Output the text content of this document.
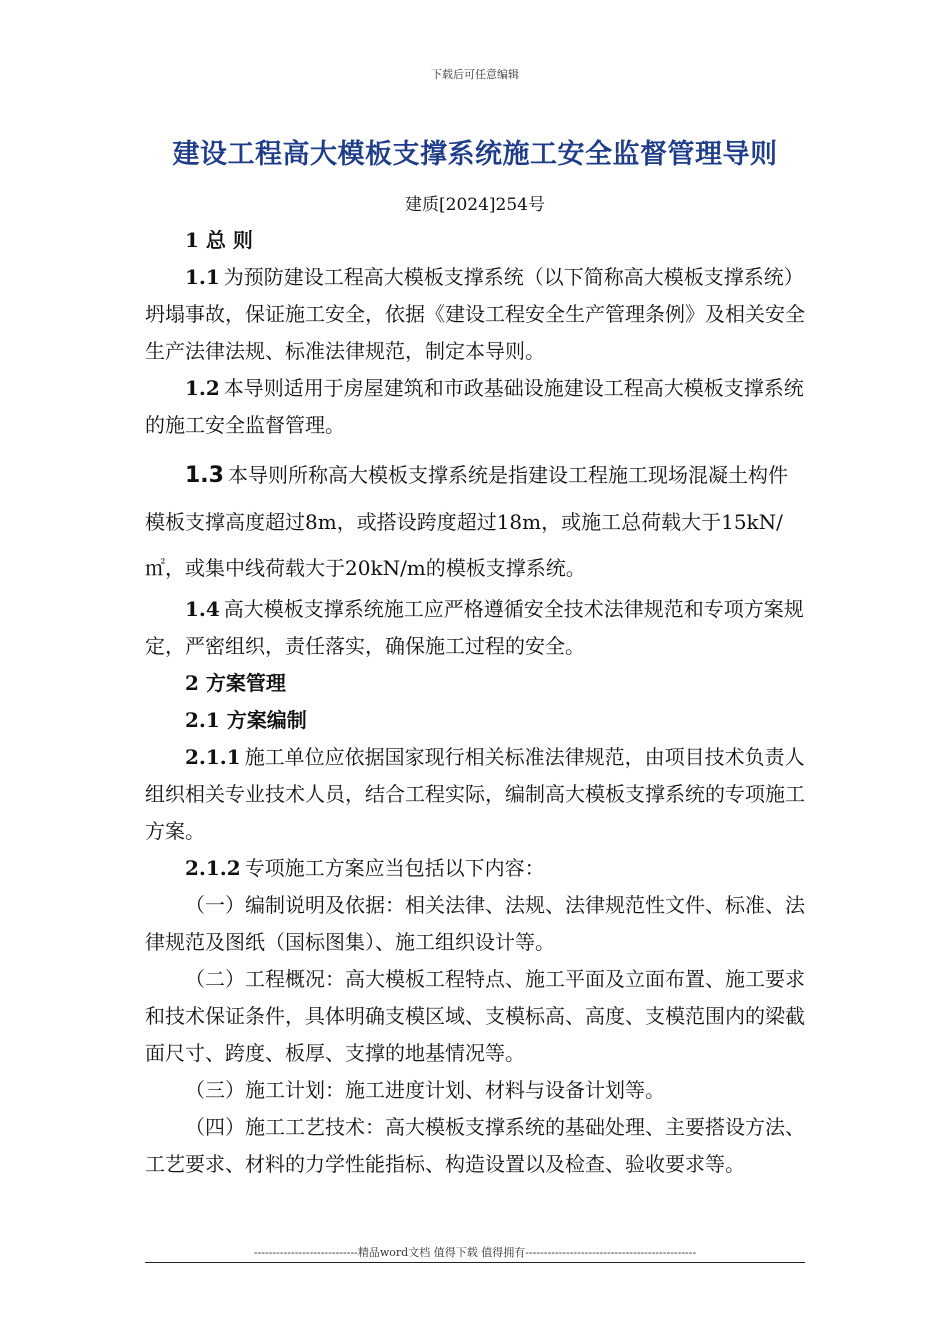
下载后可任意编辑
建设工程高大模板支撑系统施工安全监督管理导则
建质[2024]254号
1 总 则

1.1 为预防建设工程高大模板支撑系统（以下简称高大模板支撑系统）坍塌事故，保证施工安全，依据《建设工程安全生产管理条例》及相关安全生产法律法规、标准法律规范，制定本导则。

1.2 本导则适用于房屋建筑和市政基础设施建设工程高大模板支撑系统的施工安全监督管理。

1.3 本导则所称高大模板支撑系统是指建设工程施工现场混凝土构件模板支撑高度超过8m，或搭设跨度超过18m，或施工总荷载大于15kN/㎡，或集中线荷载大于20kN/m的模板支撑系统。

1.4 高大模板支撑系统施工应严格遵循安全技术法律规范和专项方案规定，严密组织，责任落实，确保施工过程的安全。

2 方案管理
2.1 方案编制

2.1.1 施工单位应依据国家现行相关标准法律规范，由项目技术负责人组织相关专业技术人员，结合工程实际，编制高大模板支撑系统的专项施工方案。

2.1.2 专项施工方案应当包括以下内容：

（一）编制说明及依据：相关法律、法规、法律规范性文件、标准、法律规范及图纸（国标图集）、施工组织设计等。

（二）工程概况：高大模板工程特点、施工平面及立面布置、施工要求和技术保证条件，具体明确支模区域、支模标高、高度、支模范围内的梁截面尺寸、跨度、板厚、支撑的地基情况等。

（三）施工计划：施工进度计划、材料与设备计划等。

（四）施工工艺技术：高大模板支撑系统的基础处理、主要搭设方法、工艺要求、材料的力学性能指标、构造设置以及检查、验收要求等。

----------------------------精品word文档 值得下载 值得拥有----------------------------------------------
